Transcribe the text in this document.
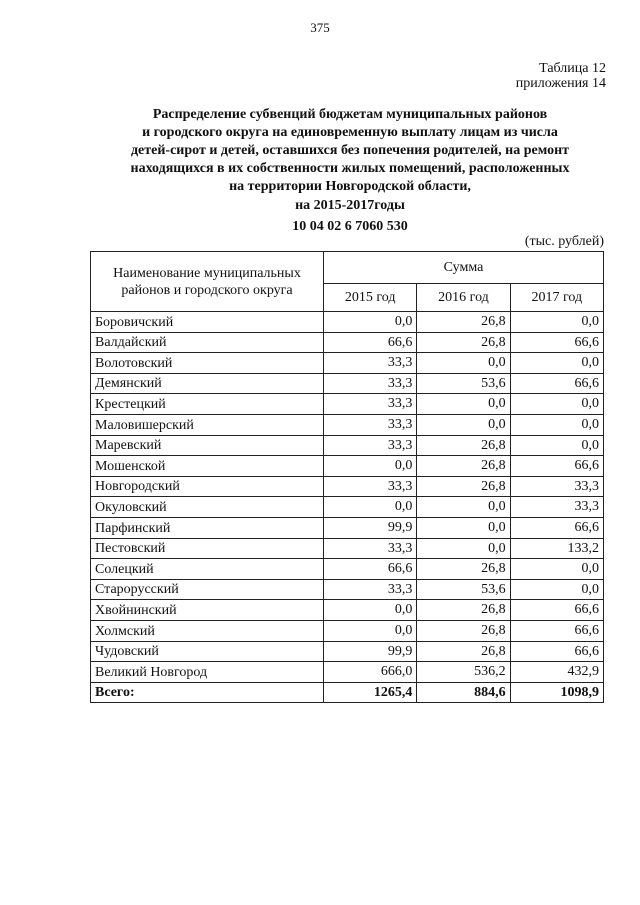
375
Таблица 12
приложения 14
Распределение субвенций бюджетам муниципальных районов
и городского округа на единовременную выплату лицам из числа
детей-сирот и детей, оставшихся без попечения родителей, на ремонт
находящихся в их собственности жилых помещений, расположенных
на территории Новгородской области,
на 2015-2017годы
10 04 02 6 7060 530
(тыс. рублей)
Наименование муниципальных районов и городского округа	Сумма		
	2015 год	2016 год	2017 год
Боровичский	0,0	26,8	0,0
Валдайский	66,6	26,8	66,6
Волотовский	33,3	0,0	0,0
Демянский	33,3	53,6	66,6
Крестецкий	33,3	0,0	0,0
Маловишерский	33,3	0,0	0,0
Маревский	33,3	26,8	0,0
Мошенской	0,0	26,8	66,6
Новгородский	33,3	26,8	33,3
Окуловский	0,0	0,0	33,3
Парфинский	99,9	0,0	66,6
Пестовский	33,3	0,0	133,2
Солецкий	66,6	26,8	0,0
Старорусский	33,3	53,6	0,0
Хвойнинский	0,0	26,8	66,6
Холмский	0,0	26,8	66,6
Чудовский	99,9	26,8	66,6
Великий Новгород	666,0	536,2	432,9
Всего:	1265,4	884,6	1098,9
